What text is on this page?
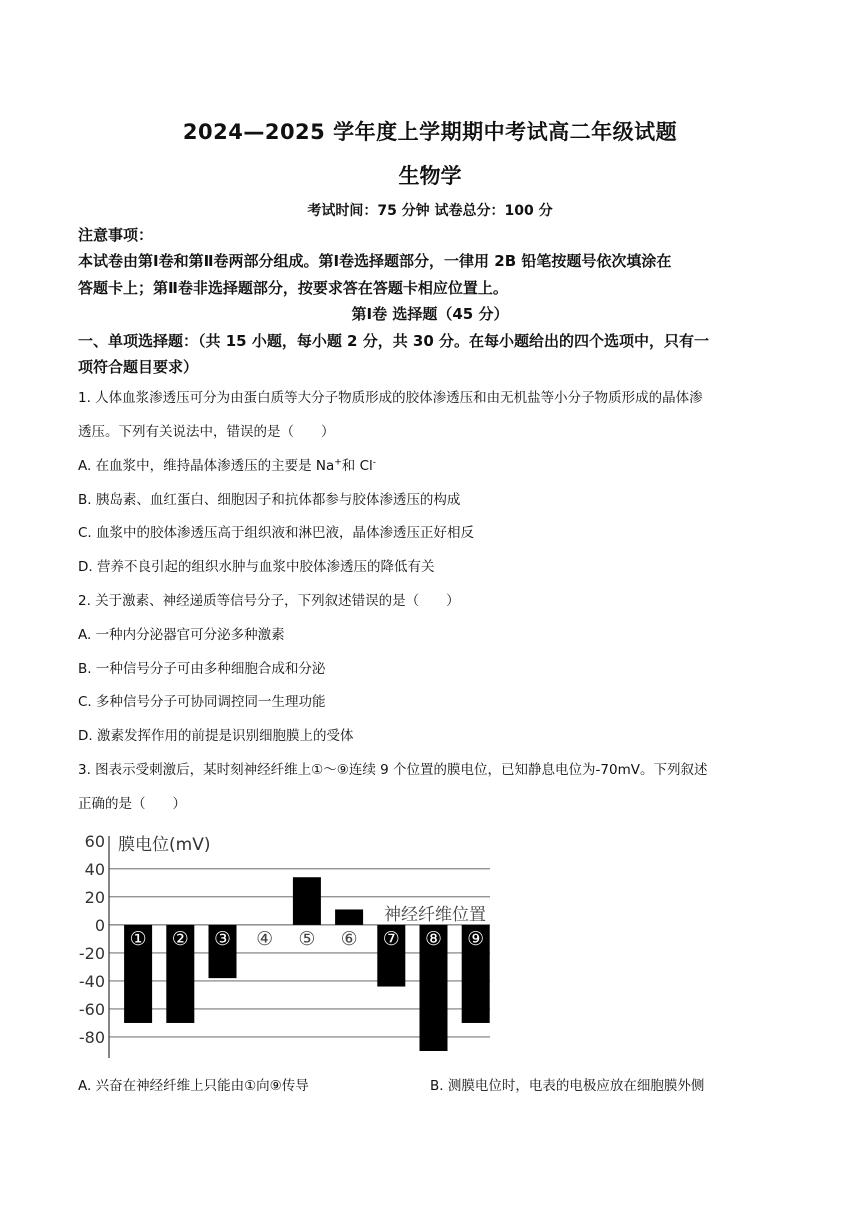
2024—2025 学年度上学期期中考试高二年级试题
生物学
考试时间：75 分钟 试卷总分：100 分
注意事项：
本试卷由第Ⅰ卷和第Ⅱ卷两部分组成。第Ⅰ卷选择题部分，一律用 2B 铅笔按题号依次填涂在
答题卡上；第Ⅱ卷非选择题部分，按要求答在答题卡相应位置上。
第Ⅰ卷 选择题（45 分）
一、单项选择题：（共 15 小题，每小题 2 分，共 30 分。在每小题给出的四个选项中，只有一
项符合题目要求）
1. 人体血浆渗透压可分为由蛋白质等大分子物质形成的胶体渗透压和由无机盐等小分子物质形成的晶体渗
透压。下列有关说法中，错误的是（　　）
A. 在血浆中，维持晶体渗透压的主要是 Na+和 Cl-
B. 胰岛素、血红蛋白、细胞因子和抗体都参与胶体渗透压的构成
C. 血浆中的胶体渗透压高于组织液和淋巴液，晶体渗透压正好相反
D. 营养不良引起的组织水肿与血浆中胶体渗透压的降低有关
2. 关于激素、神经递质等信号分子，下列叙述错误的是（　　）
A. 一种内分泌器官可分泌多种激素
B. 一种信号分子可由多种细胞合成和分泌
C. 多种信号分子可协同调控同一生理功能
D. 激素发挥作用的前提是识别细胞膜上的受体
3. 图表示受刺激后，某时刻神经纤维上①～⑨连续 9 个位置的膜电位，已知静息电位为-70mV。下列叙述
正确的是（　　）
60
40
20
0
-20
-40
-60
-80
膜电位(mV)
① ② ③ ④ ⑤ ⑥ ⑦ ⑧ ⑨
神经纤维位置
A. 兴奋在神经纤维上只能由①向⑨传导	B. 测膜电位时，电表的电极应放在细胞膜外侧
